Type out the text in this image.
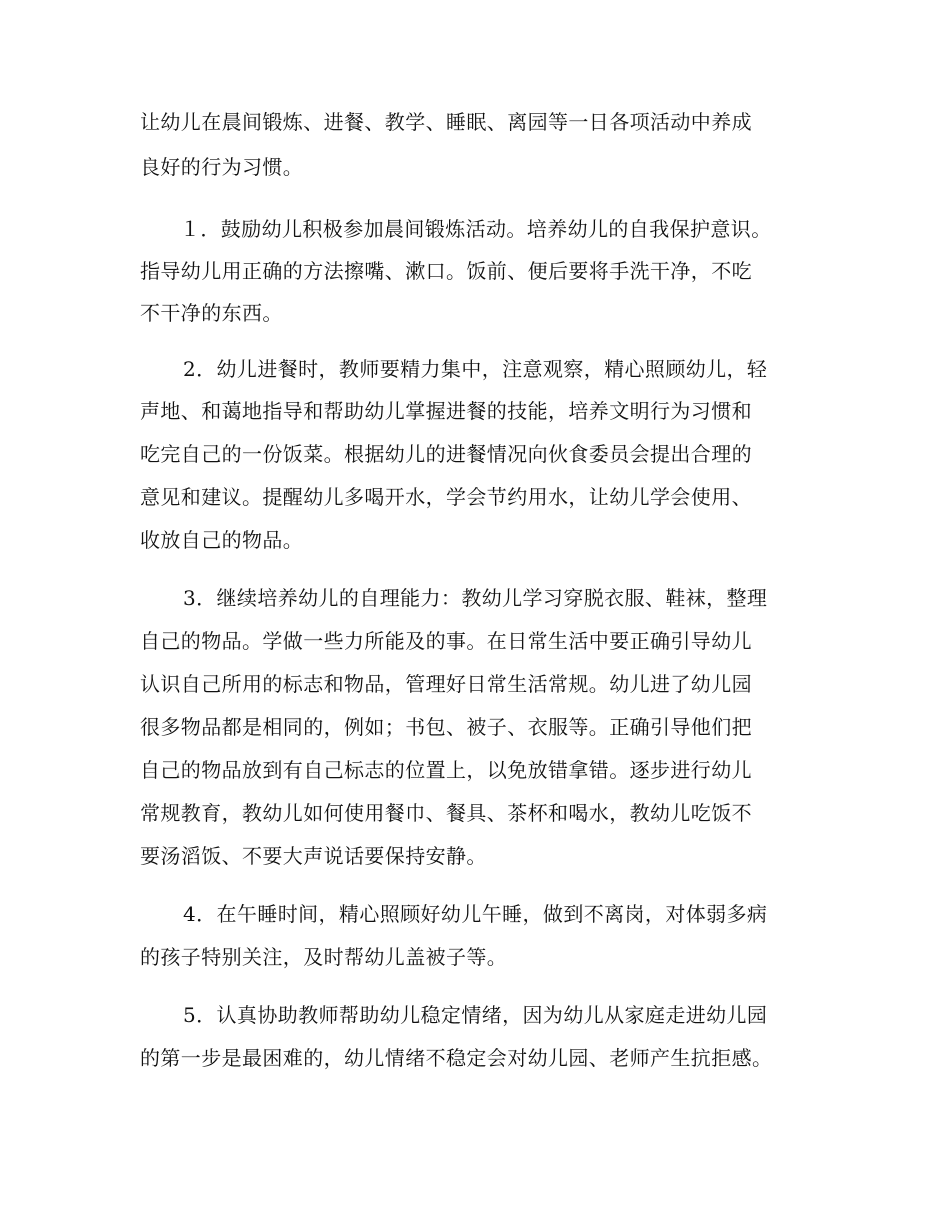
让幼儿在晨间锻炼、进餐、教学、睡眠、离园等一日各项活动中养成
良好的行为习惯。
１．鼓励幼儿积极参加晨间锻炼活动。培养幼儿的自我保护意识。
指导幼儿用正确的方法擦嘴、漱口。饭前、便后要将手洗干净，不吃
不干净的东西。
2．幼儿进餐时，教师要精力集中，注意观察，精心照顾幼儿，轻
声地、和蔼地指导和帮助幼儿掌握进餐的技能，培养文明行为习惯和
吃完自己的一份饭菜。根据幼儿的进餐情况向伙食委员会提出合理的
意见和建议。提醒幼儿多喝开水，学会节约用水，让幼儿学会使用、
收放自己的物品。
3．继续培养幼儿的自理能力：教幼儿学习穿脱衣服、鞋袜，整理
自己的物品。学做一些力所能及的事。在日常生活中要正确引导幼儿
认识自己所用的标志和物品，管理好日常生活常规。幼儿进了幼儿园
很多物品都是相同的，例如；书包、被子、衣服等。正确引导他们把
自己的物品放到有自己标志的位置上，以免放错拿错。逐步进行幼儿
常规教育，教幼儿如何使用餐巾、餐具、茶杯和喝水，教幼儿吃饭不
要汤滔饭、不要大声说话要保持安静。
4．在午睡时间，精心照顾好幼儿午睡，做到不离岗，对体弱多病
的孩子特别关注，及时帮幼儿盖被子等。
5．认真协助教师帮助幼儿稳定情绪，因为幼儿从家庭走进幼儿园
的第一步是最困难的，幼儿情绪不稳定会对幼儿园、老师产生抗拒感。
